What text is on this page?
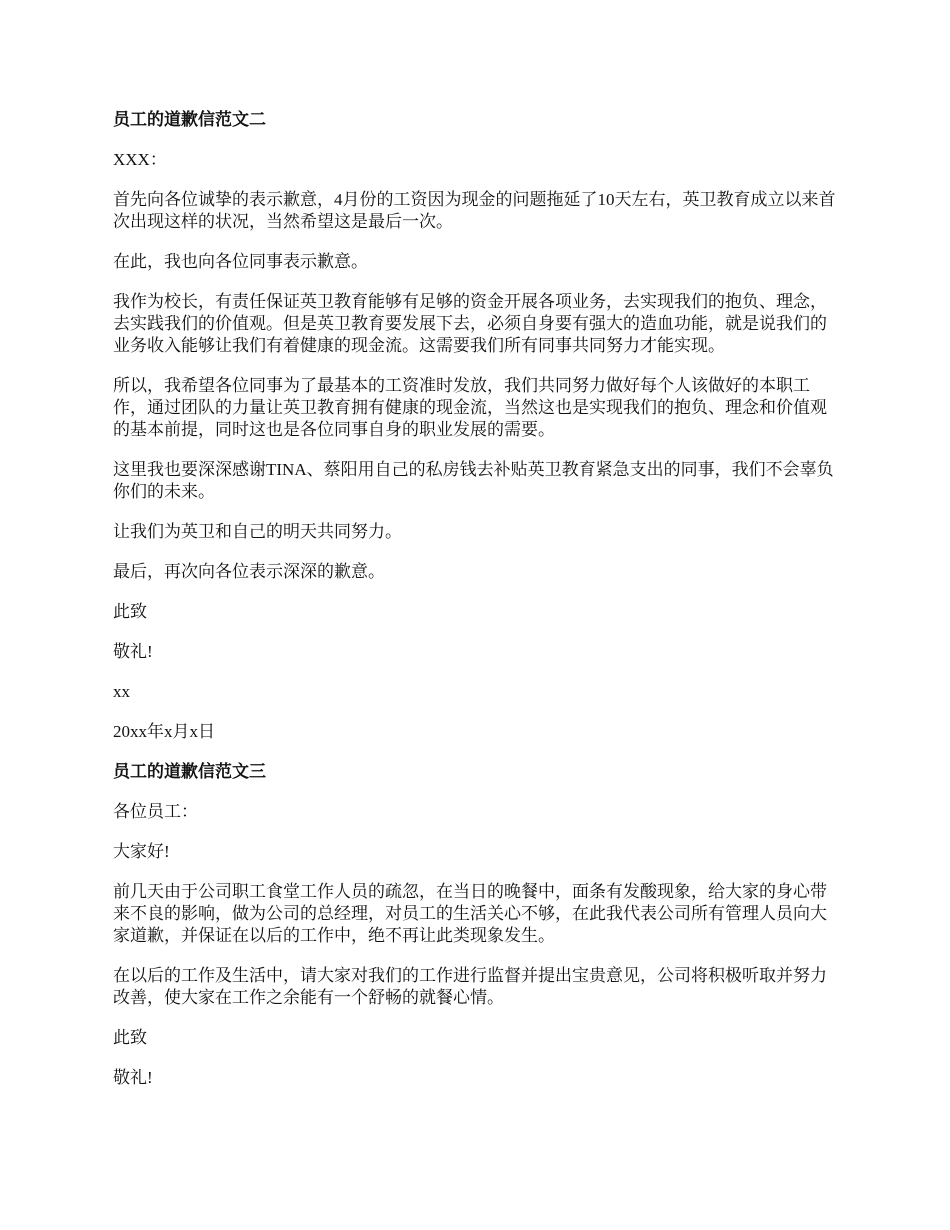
员工的道歉信范文二

XXX：

首先向各位诚挚的表示歉意，4月份的工资因为现金的问题拖延了10天左右，英卫教育成立以来首次出现这样的状况，当然希望这是最后一次。

在此，我也向各位同事表示歉意。

我作为校长，有责任保证英卫教育能够有足够的资金开展各项业务，去实现我们的抱负、理念，去实践我们的价值观。但是英卫教育要发展下去，必须自身要有强大的造血功能，就是说我们的业务收入能够让我们有着健康的现金流。这需要我们所有同事共同努力才能实现。

所以，我希望各位同事为了最基本的工资准时发放，我们共同努力做好每个人该做好的本职工作，通过团队的力量让英卫教育拥有健康的现金流，当然这也是实现我们的抱负、理念和价值观的基本前提，同时这也是各位同事自身的职业发展的需要。

这里我也要深深感谢TINA、蔡阳用自己的私房钱去补贴英卫教育紧急支出的同事，我们不会辜负你们的未来。

让我们为英卫和自己的明天共同努力。

最后，再次向各位表示深深的歉意。

此致

敬礼!

xx

20xx年x月x日

员工的道歉信范文三

各位员工：

大家好!

前几天由于公司职工食堂工作人员的疏忽，在当日的晚餐中，面条有发酸现象，给大家的身心带来不良的影响，做为公司的总经理，对员工的生活关心不够，在此我代表公司所有管理人员向大家道歉，并保证在以后的工作中，绝不再让此类现象发生。

在以后的工作及生活中，请大家对我们的工作进行监督并提出宝贵意见，公司将积极听取并努力改善，使大家在工作之余能有一个舒畅的就餐心情。

此致

敬礼!
